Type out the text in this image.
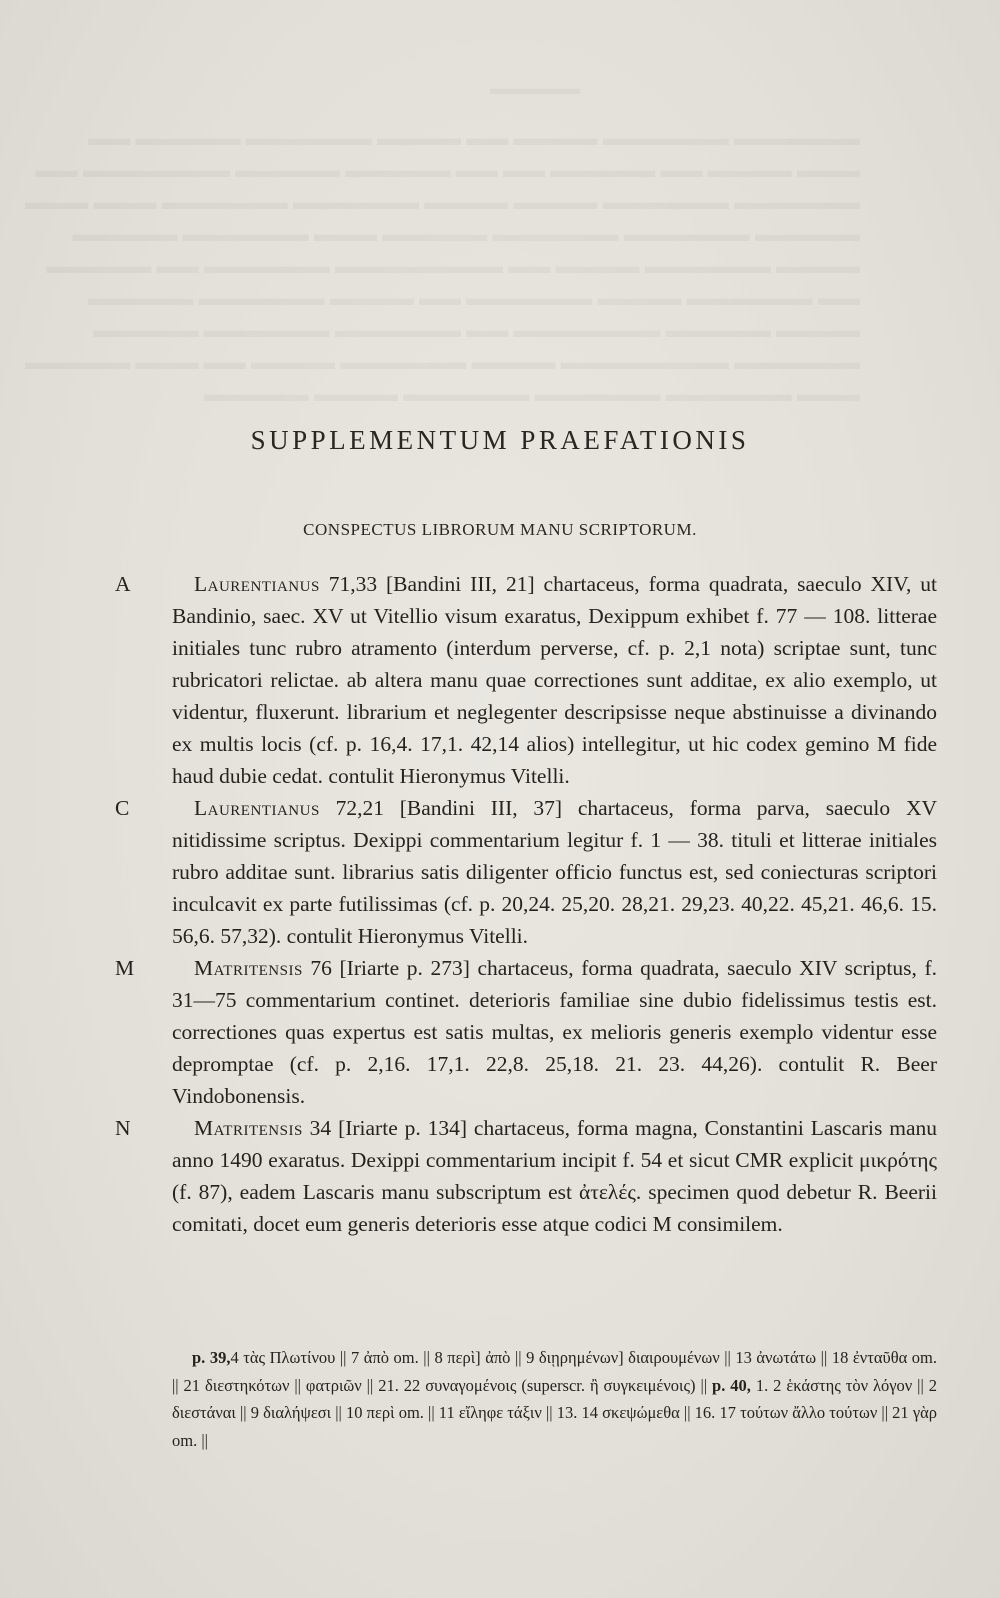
SUPPLEMENTUM PRAEFATIONIS
CONSPECTUS LIBRORUM MANU SCRIPTORUM.
A	Laurentianus 71,33 [Bandini III, 21] chartaceus, forma quadrata, saeculo XIV, ut Bandinio, saec. XV ut Vitellio visum exaratus, Dexippum exhibet f. 77 — 108. litterae initiales tunc rubro atramento (interdum perverse, cf. p. 2,1 nota) scriptae sunt, tunc rubricatori relictae. ab altera manu quae correctiones sunt additae, ex alio exemplo, ut videntur, fluxerunt. librarium et neglegenter descripsisse neque abstinuisse a divinando ex multis locis (cf. p. 16,4. 17,1. 42,14 alios) intellegitur, ut hic codex gemino M fide haud dubie cedat. contulit Hieronymus Vitelli.
C	Laurentianus 72,21 [Bandini III, 37] chartaceus, forma parva, saeculo XV nitidissime scriptus. Dexippi commentarium legitur f. 1 — 38. tituli et litterae initiales rubro additae sunt. librarius satis diligenter officio functus est, sed coniecturas scriptori inculcavit ex parte futilissimas (cf. p. 20,24. 25,20. 28,21. 29,23. 40,22. 45,21. 46,6. 15. 56,6. 57,32). contulit Hieronymus Vitelli.
M	Matritensis 76 [Iriarte p. 273] chartaceus, forma quadrata, saeculo XIV scriptus, f. 31—75 commentarium continet. deterioris familiae sine dubio fidelissimus testis est. correctiones quas expertus est satis multas, ex melioris generis exemplo videntur esse depromptae (cf. p. 2,16. 17,1. 22,8. 25,18. 21. 23. 44,26). contulit R. Beer Vindobonensis.
N	Matritensis 34 [Iriarte p. 134] chartaceus, forma magna, Constantini Lascaris manu anno 1490 exaratus. Dexippi commentarium incipit f. 54 et sicut CMR explicit μικρότης (f. 87), eadem Lascaris manu subscriptum est ἀτελές. specimen quod debetur R. Beerii comitati, docet eum generis deterioris esse atque codici M consimilem.
p. 39,4 τὰς Πλωτίνου || 7 ἀπὸ om. || 8 περὶ] ἀπὸ || 9 διῃρημένων] διαιρουμένων || 13 ἀνωτάτω || 18 ἐνταῦθα om. || 21 διεστηκότων || φατριῶν || 21. 22 συναγομένοις (superscr. ἢ συγκειμένοις) || p. 40, 1. 2 ἑκάστης τὸν λόγον || 2 διεστάναι || 9 διαλήψεσι || 10 περὶ om. || 11 εἴληφε τάξιν || 13. 14 σκεψώμεθα || 16. 17 τούτων ἄλλο τούτων || 21 γὰρ om. ||
